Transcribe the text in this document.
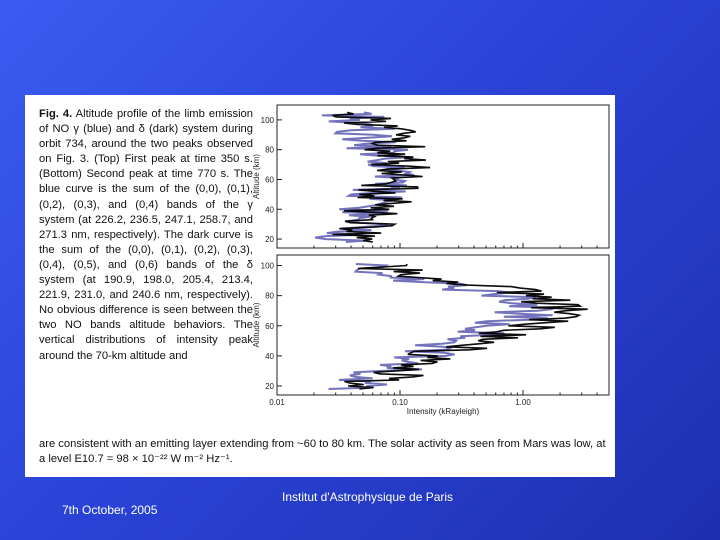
Fig. 4. Altitude profile of the limb emission of NO γ (blue) and δ (dark) system during orbit 734, around the two peaks observed on Fig. 3. (Top) First peak at time 350 s. (Bottom) Second peak at time 770 s. The blue curve is the sum of the (0,0), (0,1), (0,2), (0,3), and (0,4) bands of the γ system (at 226.2, 236.5, 247.1, 258.7, and 271.3 nm, respectively). The dark curve is the sum of the (0,0), (0,1), (0,2), (0,3), (0,4), (0,5), and (0,6) bands of the δ system (at 190.9, 198.0, 205.4, 213.4, 221.9, 231.0, and 240.6 nm, respectively). No obvious difference is seen between the two NO bands altitude behaviors. The vertical distributions of intensity peak around the 70-km altitude and
20
40
60
80
100
Altitude (km)
20
40
60
80
100
Altitude (km)
0.01	0.10	1.00
Intensity (kRayleigh)
are consistent with an emitting layer extending from ~60 to 80 km. The solar activity as seen from Mars was low, at a level E10.7 = 98 × 10⁻²² W m⁻² Hz⁻¹.
7th October, 2005
Institut d'Astrophysique de Paris
